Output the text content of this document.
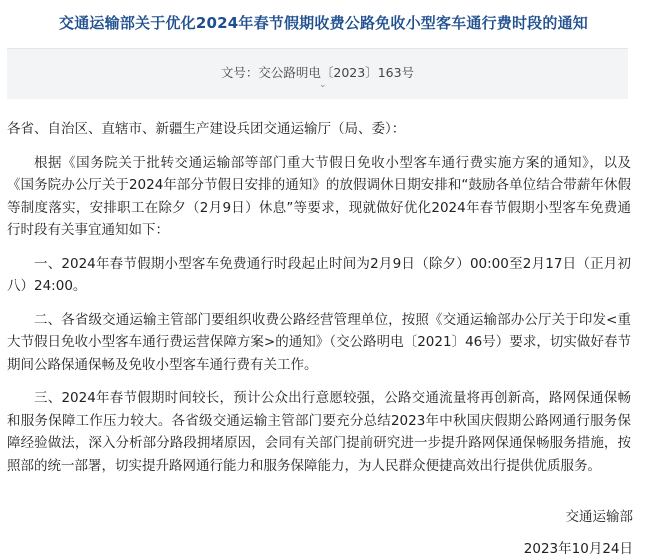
交通运输部关于优化2024年春节假期收费公路免收小型客车通行费时段的通知
文号：交公路明电〔2023〕163号
⌄

各省、自治区、直辖市、新疆生产建设兵团交通运输厅（局、委）：

根据《国务院关于批转交通运输部等部门重大节假日免收小型客车通行费实施方案的通知》，以及《国务院办公厅关于2024年部分节假日安排的通知》的放假调休日期安排和“鼓励各单位结合带薪年休假等制度落实，安排职工在除夕（2月9日）休息”等要求，现就做好优化2024年春节假期小型客车免费通行时段有关事宜通知如下：

一、2024年春节假期小型客车免费通行时段起止时间为2月9日（除夕）00:00至2月17日（正月初八）24:00。

二、各省级交通运输主管部门要组织收费公路经营管理单位，按照《交通运输部办公厅关于印发<重大节假日免收小型客车通行费运营保障方案>的通知》（交公路明电〔2021〕46号）要求，切实做好春节期间公路保通保畅及免收小型客车通行费有关工作。

三、2024年春节假期时间较长，预计公众出行意愿较强，公路交通流量将再创新高，路网保通保畅和服务保障工作压力较大。各省级交通运输主管部门要充分总结2023年中秋国庆假期公路网通行服务保障经验做法，深入分析部分路段拥堵原因，会同有关部门提前研究进一步提升路网保通保畅服务措施，按照部的统一部署，切实提升路网通行能力和服务保障能力，为人民群众便捷高效出行提供优质服务。

交通运输部
2023年10月24日
